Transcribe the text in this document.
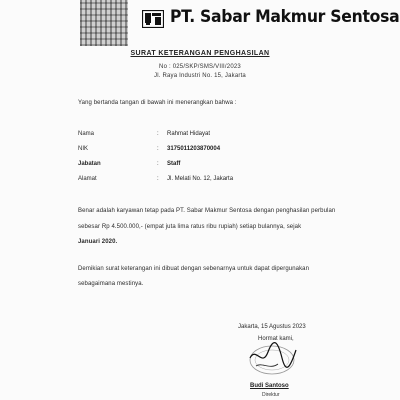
PT. Sabar Makmur Sentosa
SURAT KETERANGAN PENGHASILAN
No : 025/SKP/SMS/VIII/2023
Jl. Raya Industri No. 15, Jakarta
Yang bertanda tangan di bawah ini menerangkan bahwa :
Nama	: Rahmat Hidayat
NIK	: 3175011203870004
Jabatan	: Staff
Alamat	: Jl. Melati No. 12, Jakarta
Benar adalah karyawan tetap pada PT. Sabar Makmur Sentosa dengan penghasilan perbulan
sebesar Rp 4.500.000,- (empat juta lima ratus ribu rupiah) setiap bulannya, sejak
Januari 2020.
Demikian surat keterangan ini dibuat dengan sebenarnya untuk dapat dipergunakan
sebagaimana mestinya.
Jakarta, 15 Agustus 2023
Hormat kami,
Budi Santoso
Direktur
